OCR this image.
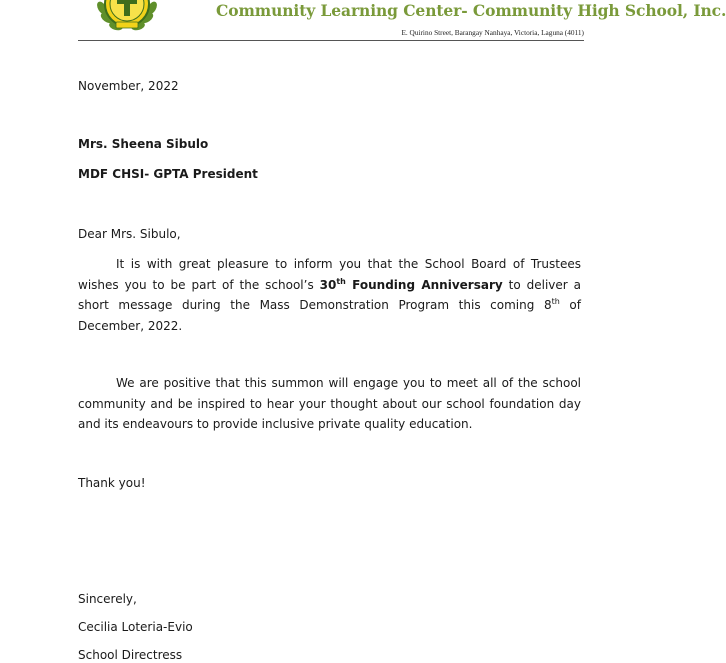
Community Learning Center- Community High School, Inc.
E. Quirino Street, Barangay Nanhaya, Victoria, Laguna (4011)
November, 2022
Mrs. Sheena Sibulo
MDF CHSI- GPTA President
Dear Mrs. Sibulo,
It is with great pleasure to inform you that the School Board of Trustees wishes you to be part of the school’s 30th Founding Anniversary to deliver a short message during the Mass Demonstration Program this coming 8th of December, 2022.
We are positive that this summon will engage you to meet all of the school community and be inspired to hear your thought about our school foundation day and its endeavours to provide inclusive private quality education.
Thank you!
Sincerely,
Cecilia Loteria-Evio
School Directress
